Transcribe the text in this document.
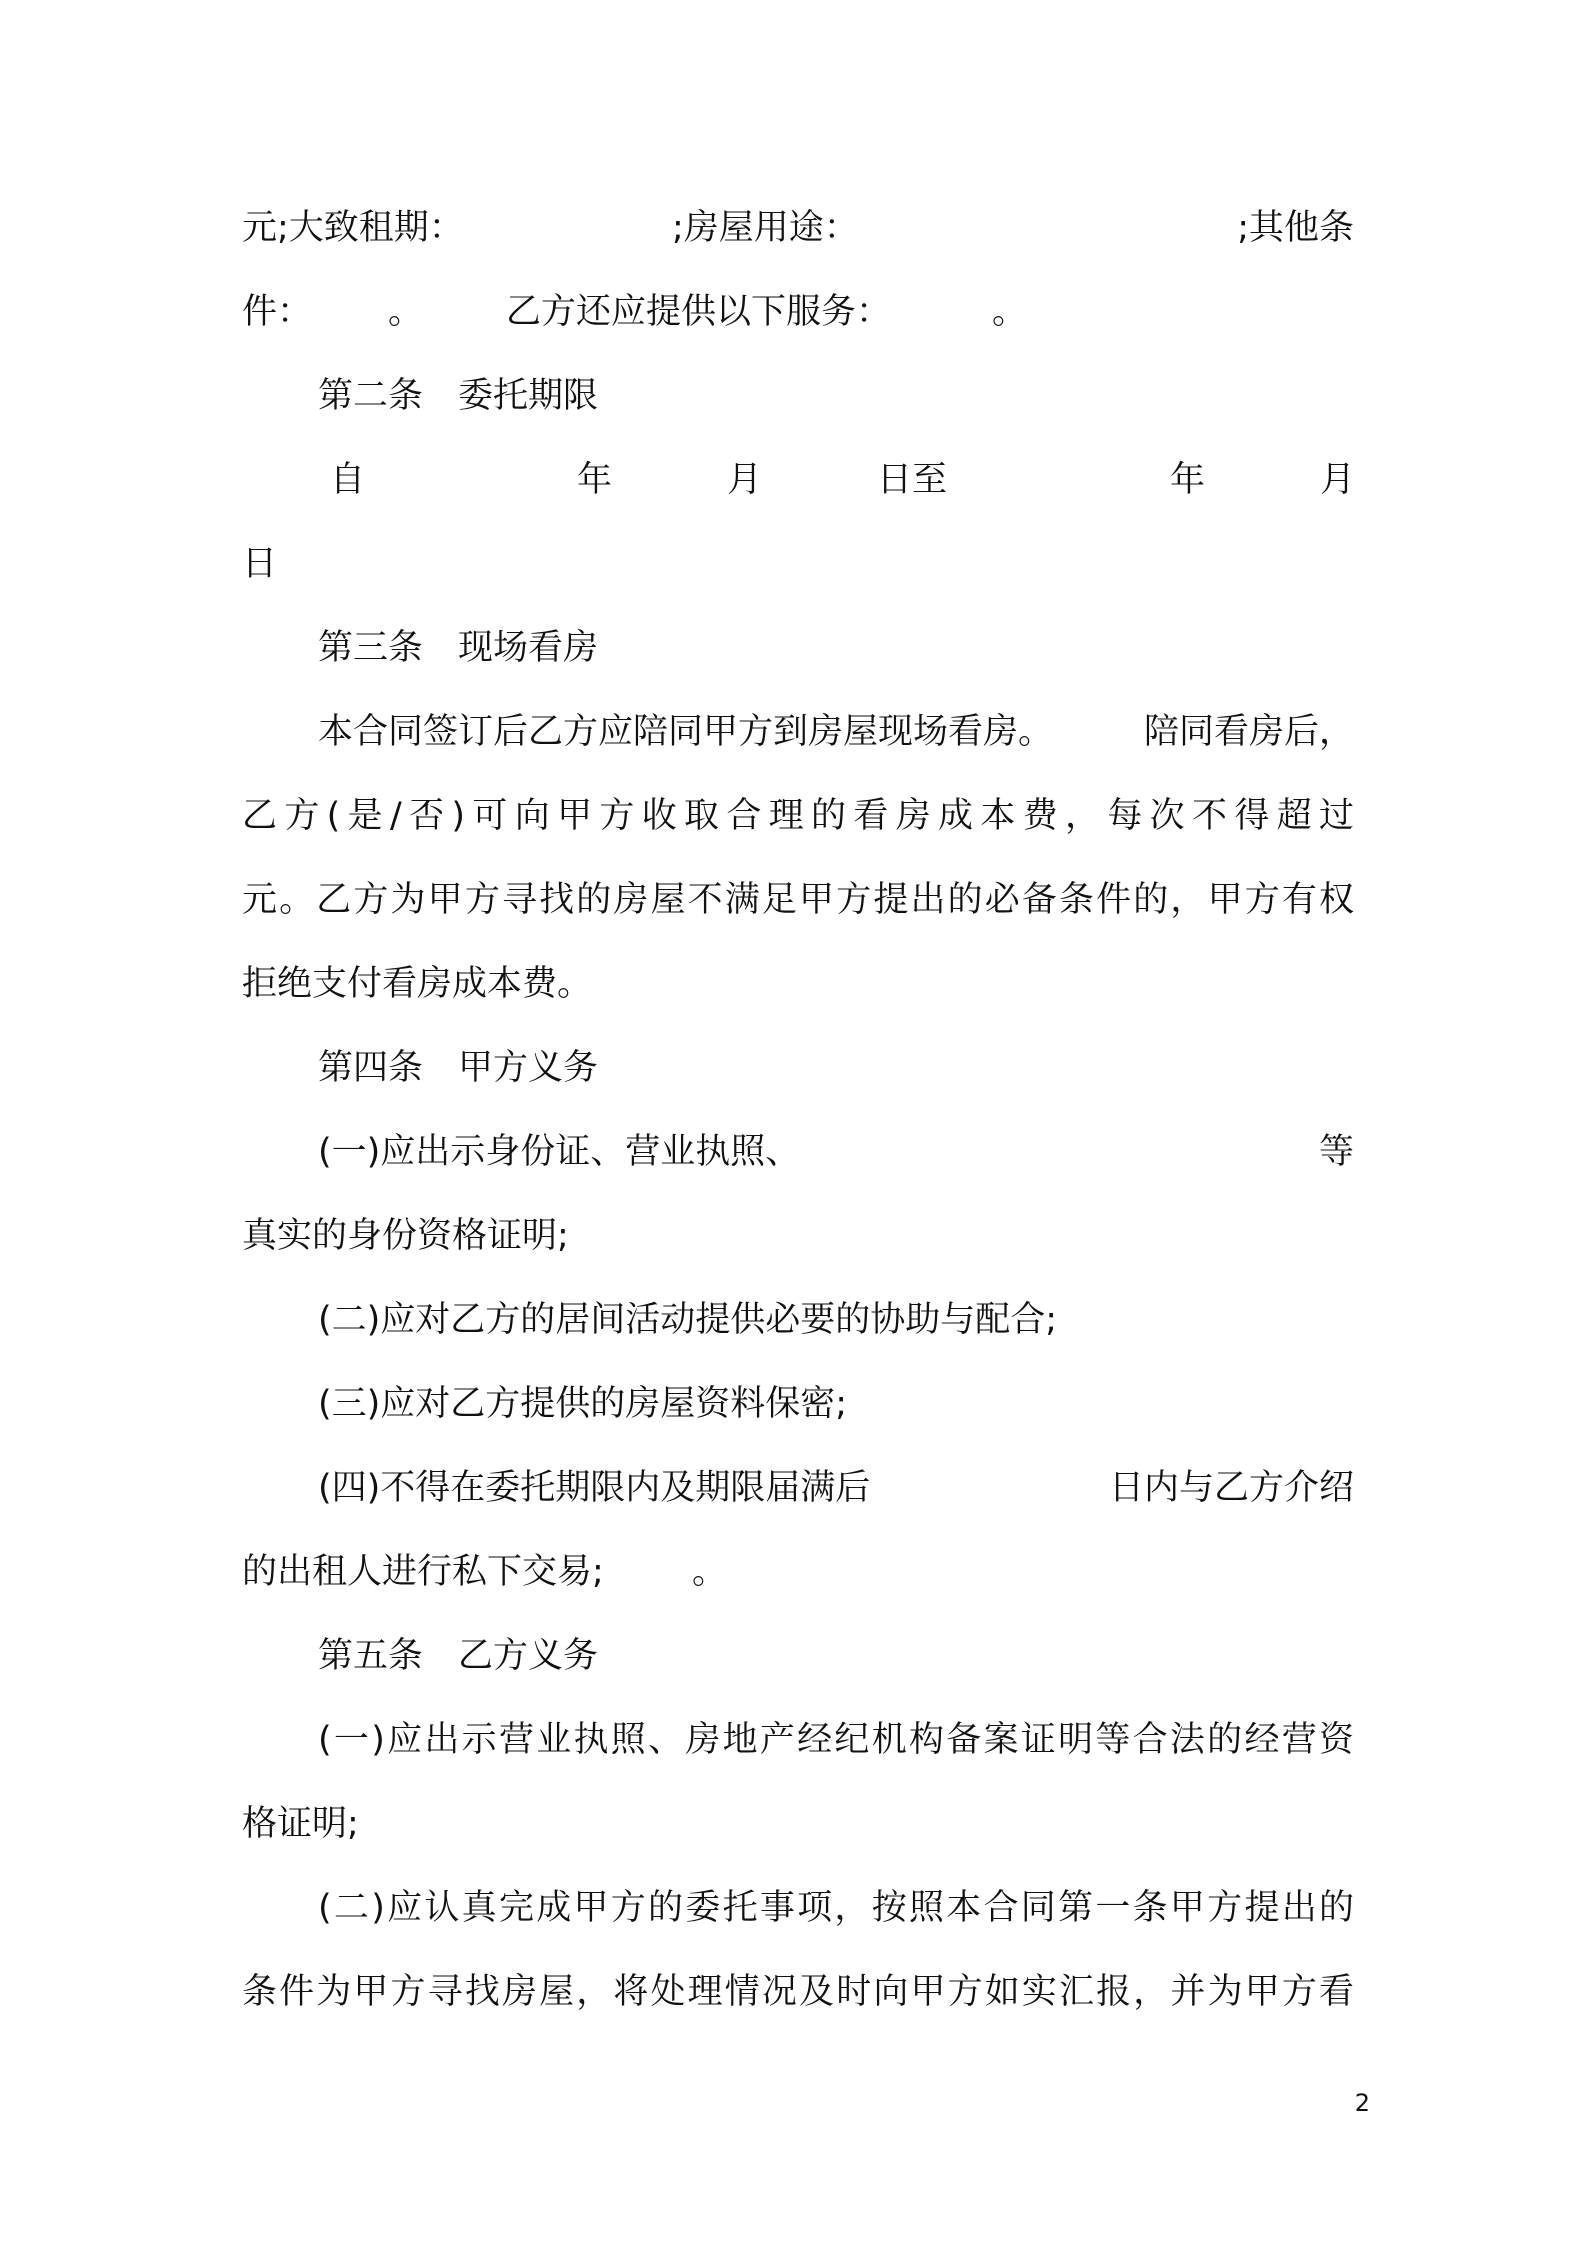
元;大致租期：	;房屋用途：	;其他条
件： 。 乙方还应提供以下服务：	。
第二条　委托期限
自	年	月	日至	年	月
日
第三条　现场看房
本合同签订后乙方应陪同甲方到房屋现场看房。	陪同看房后，
乙方(是/否)可向甲方收取合理的看房成本费，每次不得超过
元。乙方为甲方寻找的房屋不满足甲方提出的必备条件的，甲方有权
拒绝支付看房成本费。
第四条　甲方义务
(一)应出示身份证、营业执照、	等
真实的身份资格证明;
(二)应对乙方的居间活动提供必要的协助与配合;
(三)应对乙方提供的房屋资料保密;
(四)不得在委托期限内及期限届满后	日内与乙方介绍
的出租人进行私下交易;	。
第五条　乙方义务
(一)应出示营业执照、房地产经纪机构备案证明等合法的经营资
格证明;
(二)应认真完成甲方的委托事项，按照本合同第一条甲方提出的
条件为甲方寻找房屋，将处理情况及时向甲方如实汇报，并为甲方看
2
